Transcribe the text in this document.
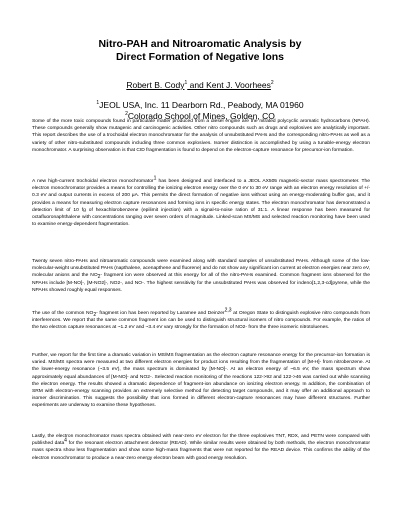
Nitro-PAH and Nitroaromatic Analysis by
Direct Formation of Negative Ions
Robert B. Cody$^1$ and Kent J. Voorhees$^2$
$^1$JEOL USA, Inc. 11 Dearborn Rd., Peabody, MA 01960
$^2$Colorado School of Mines, Golden, CO

Some of the more toxic compounds found in particulate matter produced from a diesel engine are the nitrated polycyclic aromatic hydrocarbons (NPAH). These compounds generally show mutagenic and carcinogenic activities. Other nitro compounds such as drugs and explosives are analytically important. This report describes the use of a trochoidal electron monochromator for the analysis of unsubstituted PAHs and the corresponding nitro-PAHs as well as a variety of other nitro-substituted compounds including three common explosives. Isomer distinction is accomplished by using a tunable-energy electron monochromator. A surprising observation is that CID fragmentation is found to depend on the electron-capture resonance for precursor-ion formation.

A new high-current trochoidal electron monochromator$^1$ has been designed and interfaced to a JEOL AX505 magnetic-sector mass spectrometer. The electron monochromator provides a means for controlling the ionizing electron energy over the 0 eV to 30 eV range with an electron energy resolution of +/- 0.3 eV and output currents in excess of 200 μA. This permits the direct formation of negative ions without using an energy-moderating buffer gas, and it provides a means for measuring electron capture resonances and forming ions in specific energy states. The electron monochromator has demonstrated a detection limit of 10 fg of hexachlorobenzene (epilimit injection) with a signal-to-noise ration of 31:1. A linear response has been measured for octafluoronaphthalene with concentrations ranging over seven orders of magnitude. Linked-scan MS/MS and selected reaction monitoring have been used to examine energy-dependent fragmentation.

Twenty seven nitro-PAHs and nitroaromatic compounds were examined along with standard samples of unsubstituted PAHs. Although some of the low-molecular-weight unsubstituted PAHs (napthalene, acenapthene and fluorene) and do not show any significant ion current at electron energies near zero eV, molecular anions and the $NO_2-$ fragment ion were observed at this energy for all of the nitro-PAHs examined. Common fragment ions observed for the NPAHs include [M-NO]-, [M-NO2]-, NO2-, and NO-. The highest sensitivity for the unsubstituted PAHs was observed for indeno[1,2,3-cd]pyrene, while the NPAHs showed roughly equal responses.

The use of the common $NO_2-$ fragment ion has been reported by Laramee and Deinzer$^{2,3}$ at Oregon State to distinguish explosive nitro compounds from interferences. We report that the same common fragment ion can be used to distinguish structural isomers of nitro compounds. For example, the ratios of the two electron capture resonances at ~1.2 eV and ~3.4 eV vary strongly for the formation of NO2- from the three isomeric nitrotoluenes.

Further, we report for the first time a dramatic variation in MS/MS fragmentation as the electron capture resonance energy for the precursor-ion formation is varied. MS/MS spectra were measured at two different electron energies for product ions resulting from the fragmentation of [M-H]- from nitrobenzene. At the lower-energy resonance (~3.5 eV), the mass spectrum is dominated by [M-NO]-. At an electron energy of ~6.5 eV, the mass spectrum show approximately equal abundances of [M-NO]- and NO2-. Selected reaction monitoring of the reactions 122->92 and 122->46 was carried out while scanning the electron energy. The results showed a dramatic dependence of fragment-ion abundance on ionizing electron energy. In addition, the combination of SRM with electron-energy scanning provides an extremely selective method for detecting target compounds, and it may offer an additional approach to isomer discrimination. This suggests the possibility that ions formed in different electron-capture resonances may have different structures. Further experiments are underway to examine these hypotheses.

Lastly, the electron monochromator mass spectra obtained with near-zero eV electron for the three explosives TNT, RDX, and PETN were compared with published data$^4$ for the resonant electron attachment detector (READ). While similar results were obtained by both methods, the electron monochromator mass spectra show less fragmentation and show some high-mass fragments that were not reported for the READ device. This confirms the ability of the electron monochromator to produce a near-zero energy electron beam with good energy resolution.
